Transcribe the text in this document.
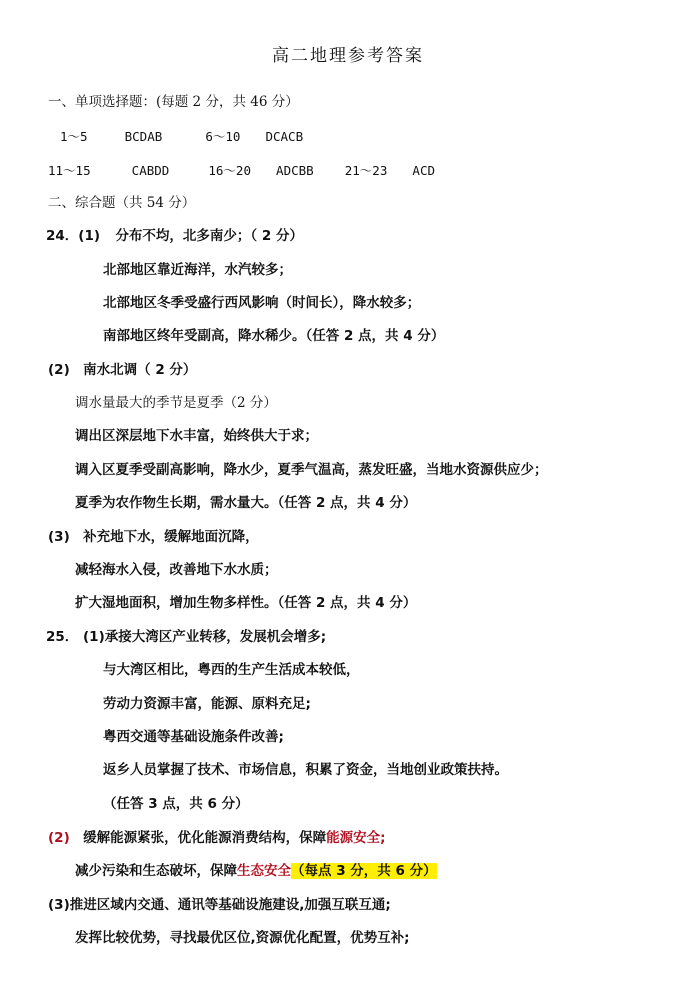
高二地理参考答案
一、单项选择题：(每题 2 分，共 46 分）
1～5	BCDAB	6～10 DCACB
11～15	CABDD	16～20 ADCBB 21～23 ACD
二、综合题（共 54 分）
24．(1) 分布不均，北多南少；（ 2 分）
北部地区靠近海洋，水汽较多；
北部地区冬季受盛行西风影响（时间长），降水较多；
南部地区终年受副高，降水稀少。（任答 2 点，共 4 分）
(2) 南水北调（ 2 分）
调水量最大的季节是夏季（2 分）
调出区深层地下水丰富，始终供大于求；
调入区夏季受副高影响，降水少，夏季气温高，蒸发旺盛，当地水资源供应少；
夏季为农作物生长期，需水量大。（任答 2 点，共 4 分）
(3) 补充地下水，缓解地面沉降，
减轻海水入侵，改善地下水水质；
扩大湿地面积，增加生物多样性。（任答 2 点，共 4 分）
25． (1)承接大湾区产业转移，发展机会增多;
与大湾区相比，粤西的生产生活成本较低，
劳动力资源丰富，能源、原料充足;
粤西交通等基础设施条件改善;
返乡人员掌握了技术、市场信息，积累了资金，当地创业政策扶持。
（任答 3 点，共 6 分）
(2) 缓解能源紧张，优化能源消费结构，保障能源安全;
减少污染和生态破坏，保障生态安全（每点 3 分，共 6 分）
(3)推进区域内交通、通讯等基础设施建设,加强互联互通;
发挥比较优势，寻找最优区位,资源优化配置，优势互补;
